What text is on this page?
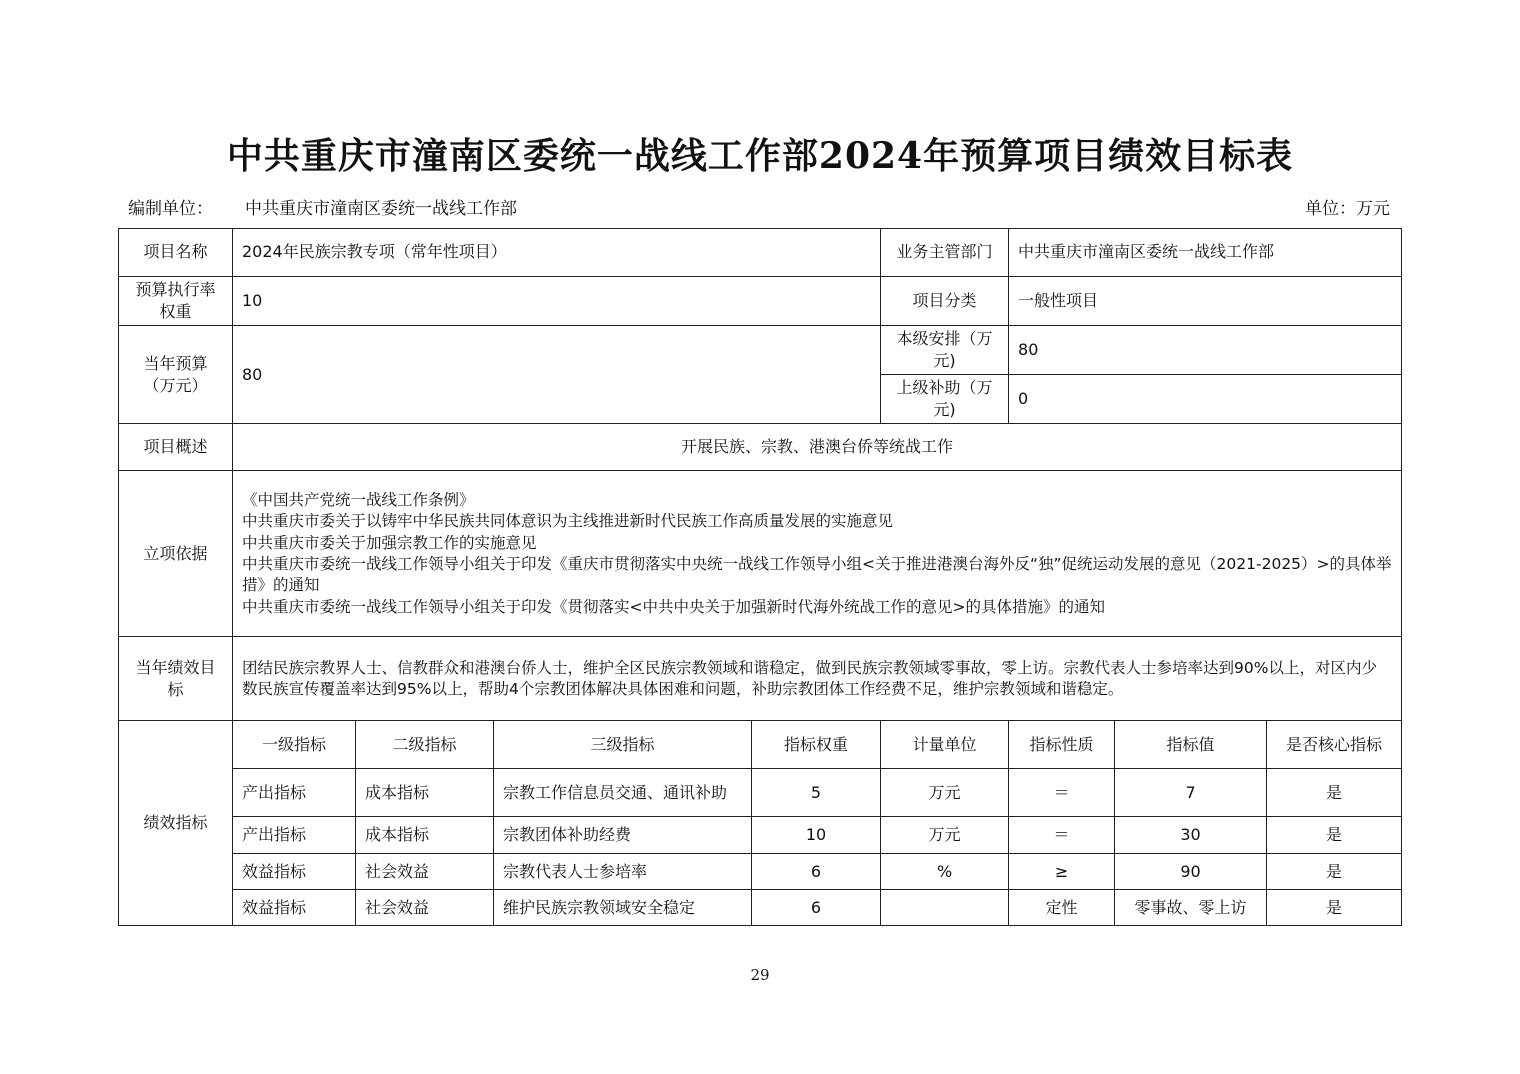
中共重庆市潼南区委统一战线工作部2024年预算项目绩效目标表
编制单位： 中共重庆市潼南区委统一战线工作部	单位：万元
项目名称	2024年民族宗教专项（常年性项目）				业务主管部门	中共重庆市潼南区委统一战线工作部		
预算执行率权重	10				项目分类	一般性项目		
当年预算（万元）	80				本级安排（万元)	80		
					上级补助（万元)	0		
项目概述	开展民族、宗教、港澳台侨等统战工作							
立项依据	《中国共产党统一战线工作条例》
中共重庆市委关于以铸牢中华民族共同体意识为主线推进新时代民族工作高质量发展的实施意见
中共重庆市委关于加强宗教工作的实施意见
中共重庆市委统一战线工作领导小组关于印发《重庆市贯彻落实中央统一战线工作领导小组<关于推进港澳台海外反“独”促统运动发展的意见（2021-2025）>的具体举措》的通知
中共重庆市委统一战线工作领导小组关于印发《贯彻落实<中共中央关于加强新时代海外统战工作的意见>的具体措施》的通知							

当年绩效目标	团结民族宗教界人士、信教群众和港澳台侨人士，维护全区民族宗教领域和谐稳定，做到民族宗教领域零事故，零上访。宗教代表人士参培率达到90%以上，对区内少数民族宣传覆盖率达到95%以上，帮助4个宗教团体解决具体困难和问题，补助宗教团体工作经费不足，维护宗教领域和谐稳定。							
绩效指标	一级指标	二级指标	三级指标	指标权重	计量单位	指标性质	指标值	是否核心指标
	产出指标	成本指标	宗教工作信息员交通、通讯补助	5	万元	＝	7	是
	产出指标	成本指标	宗教团体补助经费	10	万元	＝	30	是
	效益指标	社会效益	宗教代表人士参培率	6	%	≥	90	是
	效益指标	社会效益	维护民族宗教领域安全稳定	6		定性	零事故、零上访	是
29
